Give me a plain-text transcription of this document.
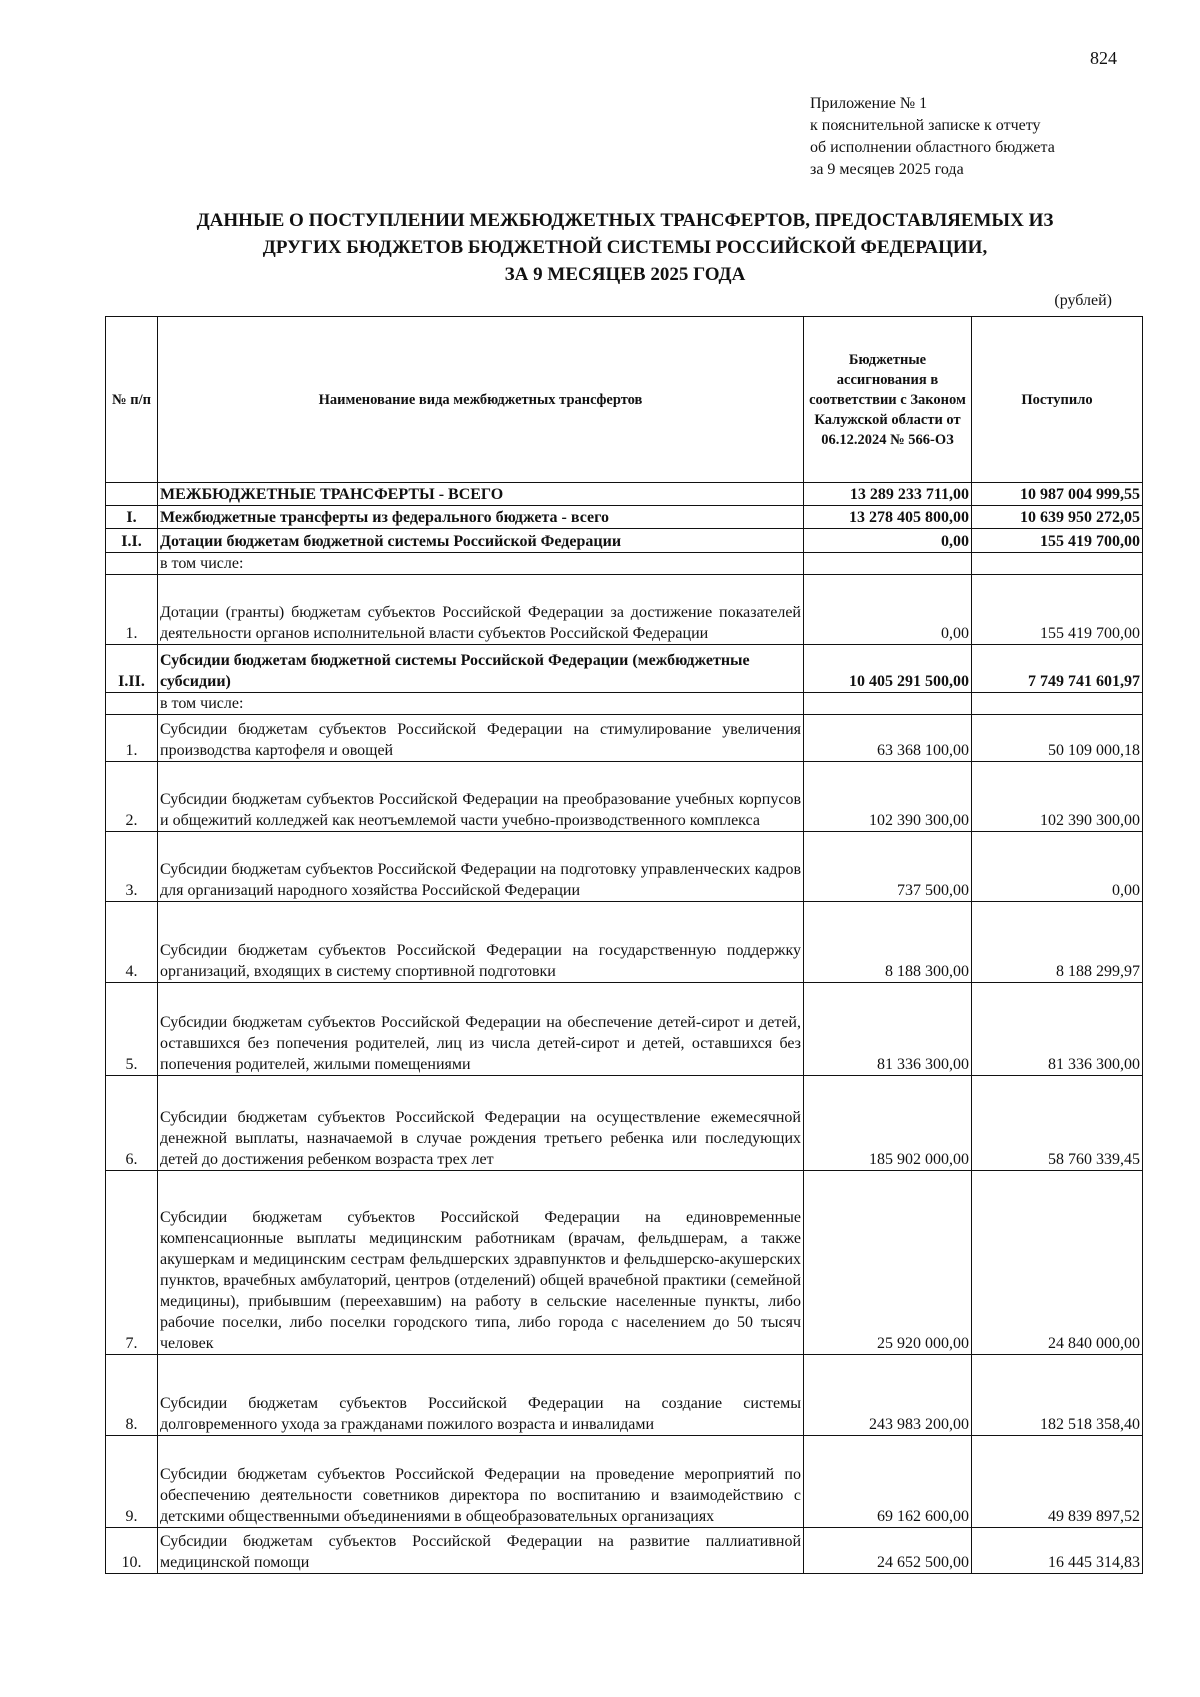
824
Приложение № 1
к пояснительной записке к отчету
об исполнении областного бюджета
за 9 месяцев 2025 года
ДАННЫЕ О ПОСТУПЛЕНИИ МЕЖБЮДЖЕТНЫХ ТРАНСФЕРТОВ, ПРЕДОСТАВЛЯЕМЫХ ИЗ
ДРУГИХ БЮДЖЕТОВ БЮДЖЕТНОЙ СИСТЕМЫ РОССИЙСКОЙ ФЕДЕРАЦИИ,
ЗА 9 МЕСЯЦЕВ 2025 ГОДА
(рублей)
№ п/п	Наименование вида межбюджетных трансфертов	Бюджетные ассигнования в соответствии с Законом Калужской области от 06.12.2024 № 566-ОЗ	Поступило
	МЕЖБЮДЖЕТНЫЕ ТРАНСФЕРТЫ - ВСЕГО	13 289 233 711,00	10 987 004 999,55
I.	Межбюджетные трансферты из федерального бюджета - всего	13 278 405 800,00	10 639 950 272,05
I.I.	Дотации бюджетам бюджетной системы Российской Федерации	0,00	155 419 700,00
	в том числе:		
1.	Дотации (гранты) бюджетам субъектов Российской Федерации за достижение показателей деятельности органов исполнительной власти субъектов Российской Федерации	0,00	155 419 700,00
I.II.	Субсидии бюджетам бюджетной системы Российской Федерации (межбюджетные субсидии)	10 405 291 500,00	7 749 741 601,97
	в том числе:		
1.	Субсидии бюджетам субъектов Российской Федерации на стимулирование увеличения производства картофеля и овощей	63 368 100,00	50 109 000,18
2.	Субсидии бюджетам субъектов Российской Федерации на преобразование учебных корпусов и общежитий колледжей как неотъемлемой части учебно-производственного комплекса	102 390 300,00	102 390 300,00
3.	Субсидии бюджетам субъектов Российской Федерации на подготовку управленческих кадров для организаций народного хозяйства Российской Федерации	737 500,00	0,00
4.	Субсидии бюджетам субъектов Российской Федерации на государственную поддержку организаций, входящих в систему спортивной подготовки	8 188 300,00	8 188 299,97
5.	Субсидии бюджетам субъектов Российской Федерации на обеспечение детей-сирот и детей, оставшихся без попечения родителей, лиц из числа детей-сирот и детей, оставшихся без попечения родителей, жилыми помещениями	81 336 300,00	81 336 300,00
6.	Субсидии бюджетам субъектов Российской Федерации на осуществление ежемесячной денежной выплаты, назначаемой в случае рождения третьего ребенка или последующих детей до достижения ребенком возраста трех лет	185 902 000,00	58 760 339,45
7.	Субсидии бюджетам субъектов Российской Федерации на единовременные компенсационные выплаты медицинским работникам (врачам, фельдшерам, а также акушеркам и медицинским сестрам фельдшерских здравпунктов и фельдшерско-акушерских пунктов, врачебных амбулаторий, центров (отделений) общей врачебной практики (семейной медицины), прибывшим (переехавшим) на работу в сельские населенные пункты, либо рабочие поселки, либо поселки городского типа, либо города с населением до 50 тысяч человек	25 920 000,00	24 840 000,00
8.	Субсидии бюджетам субъектов Российской Федерации на создание системы долговременного ухода за гражданами пожилого возраста и инвалидами	243 983 200,00	182 518 358,40
9.	Субсидии бюджетам субъектов Российской Федерации на проведение мероприятий по обеспечению деятельности советников директора по воспитанию и взаимодействию с детскими общественными объединениями в общеобразовательных организациях	69 162 600,00	49 839 897,52
10.	Субсидии бюджетам субъектов Российской Федерации на развитие паллиативной медицинской помощи	24 652 500,00	16 445 314,83
